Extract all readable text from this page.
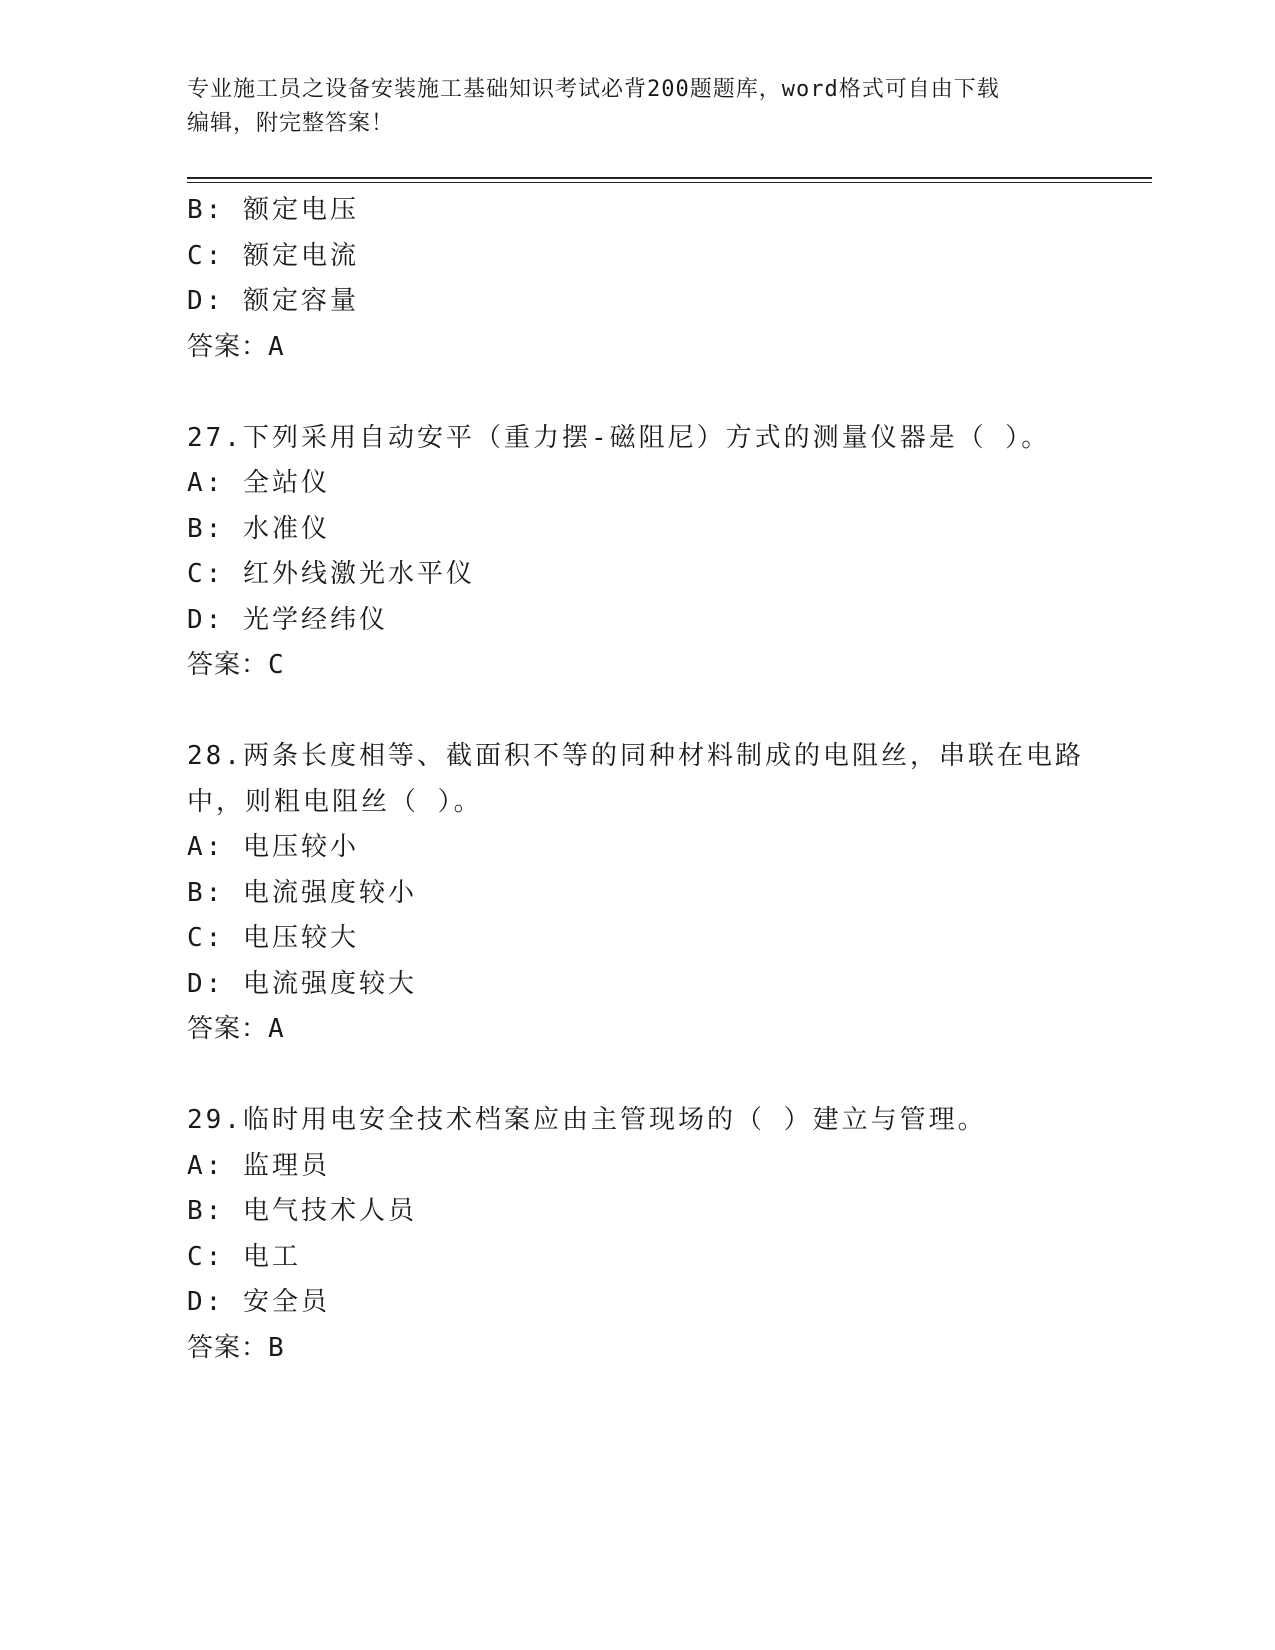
专业施工员之设备安装施工基础知识考试必背200题题库，word格式可自由下载
编辑，附完整答案！
B: 额定电压
C: 额定电流
D: 额定容量
答案：A
27.下列采用自动安平（重力摆-磁阻尼）方式的测量仪器是（ ）。
A: 全站仪
B: 水准仪
C: 红外线激光水平仪
D: 光学经纬仪
答案：C
28.两条长度相等、截面积不等的同种材料制成的电阻丝，串联在电路
中，则粗电阻丝（ ）。
A: 电压较小
B: 电流强度较小
C: 电压较大
D: 电流强度较大
答案：A
29.临时用电安全技术档案应由主管现场的（ ）建立与管理。
A: 监理员
B: 电气技术人员
C: 电工
D: 安全员
答案：B
